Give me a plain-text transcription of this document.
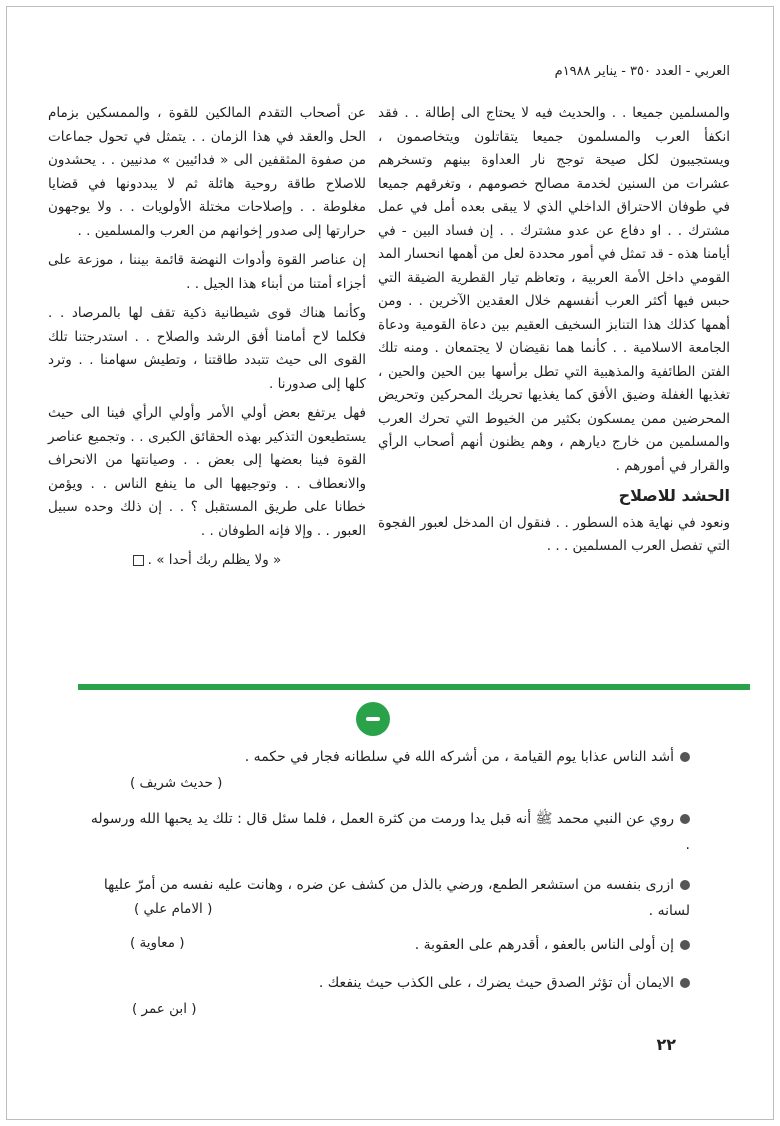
العربي - العدد ٣٥٠ - يناير ١٩٨٨م

والمسلمين جميعا . . والحديث فيه لا يحتاج الى إطالة . . فقد انكفأ العرب والمسلمون جميعا يتقاتلون ويتخاصمون ، ويستجيبون لكل صيحة توجج نار العداوة بينهم وتسخرهم عشرات من السنين لخدمة مصالح خصومهم ، وتغرقهم جميعا في طوفان الاحتراق الداخلي الذي لا يبقى بعده أمل في عمل مشترك . . او دفاع عن عدو مشترك . . إن فساد البين - في أيامنا هذه - قد تمثل في أمور محددة لعل من أهمها انحسار المد القومي داخل الأمة العربية ، وتعاظم تيار القطرية الضيقة التي حبس فيها أكثر العرب أنفسهم خلال العقدين الآخرين . . ومن أهمها كذلك هذا التنابز السخيف العقيم بين دعاة القومية ودعاة الجامعة الاسلامية . . كأنما هما نقيضان لا يجتمعان . ومنه تلك الفتن الطائفية والمذهبية التي تطل برأسها بين الحين والحين ، تغذيها الغفلة وضيق الأفق كما يغذيها تحريك المحركين وتحريض المحرضين ممن يمسكون بكثير من الخيوط التي تحرك العرب والمسلمين من خارج ديارهم ، وهم يظنون أنهم أصحاب الرأي والقرار في أمورهم .

الحشد للاصلاح

ونعود في نهاية هذه السطور . . فنقول ان المدخل لعبور الفجوة التي تفصل العرب المسلمين . . .

عن أصحاب التقدم المالكين للقوة ، والممسكين بزمام الحل والعقد في هذا الزمان . . يتمثل في تحول جماعات من صفوة المثقفين الى « فدائيين » مدنيين . . يحشدون للاصلاح طاقة روحية هائلة ثم لا يبددونها في قضايا مغلوطة . . وإصلاحات مختلة الأولويات . . ولا يوجهون حرارتها إلى صدور إخوانهم من العرب والمسلمين . .

إن عناصر القوة وأدوات النهضة قائمة بيننا ، موزعة على أجزاء أمتنا من أبناء هذا الجيل . .

وكأنما هناك قوى شيطانية ذكية تقف لها بالمرصاد . . فكلما لاح أمامنا أفق الرشد والصلاح . . استدرجتنا تلك القوى الى حيث تتبدد طاقتنا ، وتطيش سهامنا . . وترد كلها إلى صدورنا .

فهل يرتفع بعض أولي الأمر وأولي الرأي فينا الى حيث يستطيعون التذكير بهذه الحقائق الكبرى . . وتجميع عناصر القوة فينا بعضها إلى بعض . . وصيانتها من الانحراف والانعطاف . . وتوجيهها الى ما ينفع الناس . . ويؤمن خطانا على طريق المستقبل ؟ . . إن ذلك وحده سبيل العبور . . وإلا فإنه الطوفان . .

« ولا يظلم ربك أحدا » .

أشد الناس عذابا يوم القيامة ، من أشركه الله في سلطانه فجار في حكمه .
( حديث شريف )
روي عن النبي محمد ﷺ أنه قبل يدا ورمت من كثرة العمل ، فلما سئل قال : تلك يد يحبها الله ورسوله .
ازرى بنفسه من استشعر الطمع، ورضي بالذل من كشف عن ضره ، وهانت عليه نفسه من أمرّ عليها لسانه .
( الامام علي )
إن أولى الناس بالعفو ، أقدرهم على العقوبة .
( معاوية )
الايمان أن تؤثر الصدق حيث يضرك ، على الكذب حيث ينفعك .
( ابن عمر )
٢٢
